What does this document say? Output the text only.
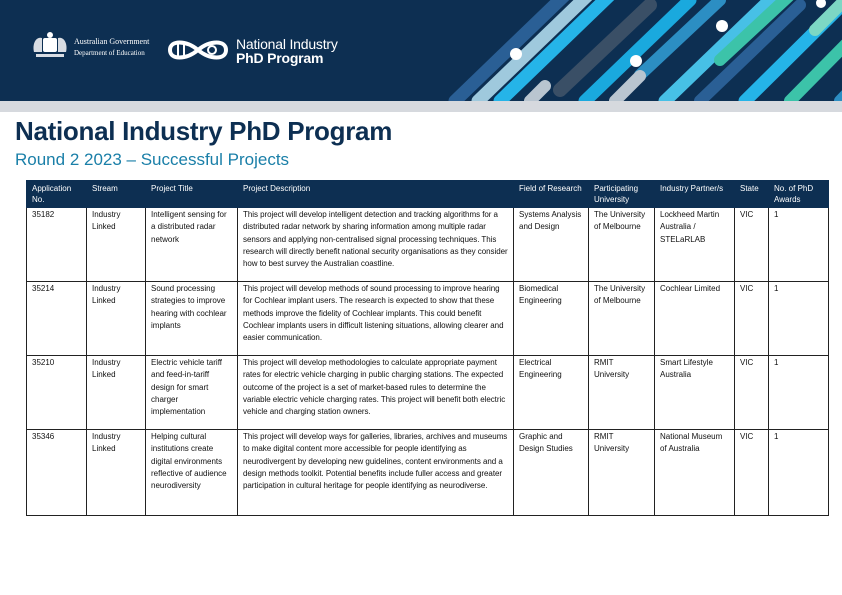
Australian Government
Department of Education
National Industry
PhD Program
National Industry PhD Program
Round 2 2023 – Successful Projects
Application No.	Stream	Project Title	Project Description	Field of Research	Participating University	Industry Partner/s	State	No. of PhD Awards
35182	Industry Linked	Intelligent sensing for a distributed radar network	This project will develop intelligent detection and tracking algorithms for a distributed radar network by sharing information among multiple radar sensors and applying non-centralised signal processing techniques. This research will directly benefit national security organisations as they consider how to best survey the Australian coastline.	Systems Analysis and Design	The University of Melbourne	Lockheed Martin Australia / STELaRLAB	VIC	1
35214	Industry Linked	Sound processing strategies to improve hearing with cochlear implants	This project will develop methods of sound processing to improve hearing for Cochlear implant users. The research is expected to show that these methods improve the fidelity of Cochlear implants. This could benefit Cochlear implants users in difficult listening situations, allowing clearer and easier communication.	Biomedical Engineering	The University of Melbourne	Cochlear Limited	VIC	1
35210	Industry Linked	Electric vehicle tariff and feed-in-tariff design for smart charger implementation	This project will develop methodologies to calculate appropriate payment rates for electric vehicle charging in public charging stations. The expected outcome of the project is a set of market-based rules to determine the variable electric vehicle charging rates. This project will benefit both electric vehicle and charging station owners.	Electrical Engineering	RMIT University	Smart Lifestyle Australia	VIC	1
35346	Industry Linked	Helping cultural institutions create digital environments reflective of audience neurodiversity	This project will develop ways for galleries, libraries, archives and museums to make digital content more accessible for people identifying as neurodivergent by developing new guidelines, content environments and a design methods toolkit. Potential benefits include fuller access and greater participation in cultural heritage for people identifying as neurodiverse.	Graphic and Design Studies	RMIT University	National Museum of Australia	VIC	1
